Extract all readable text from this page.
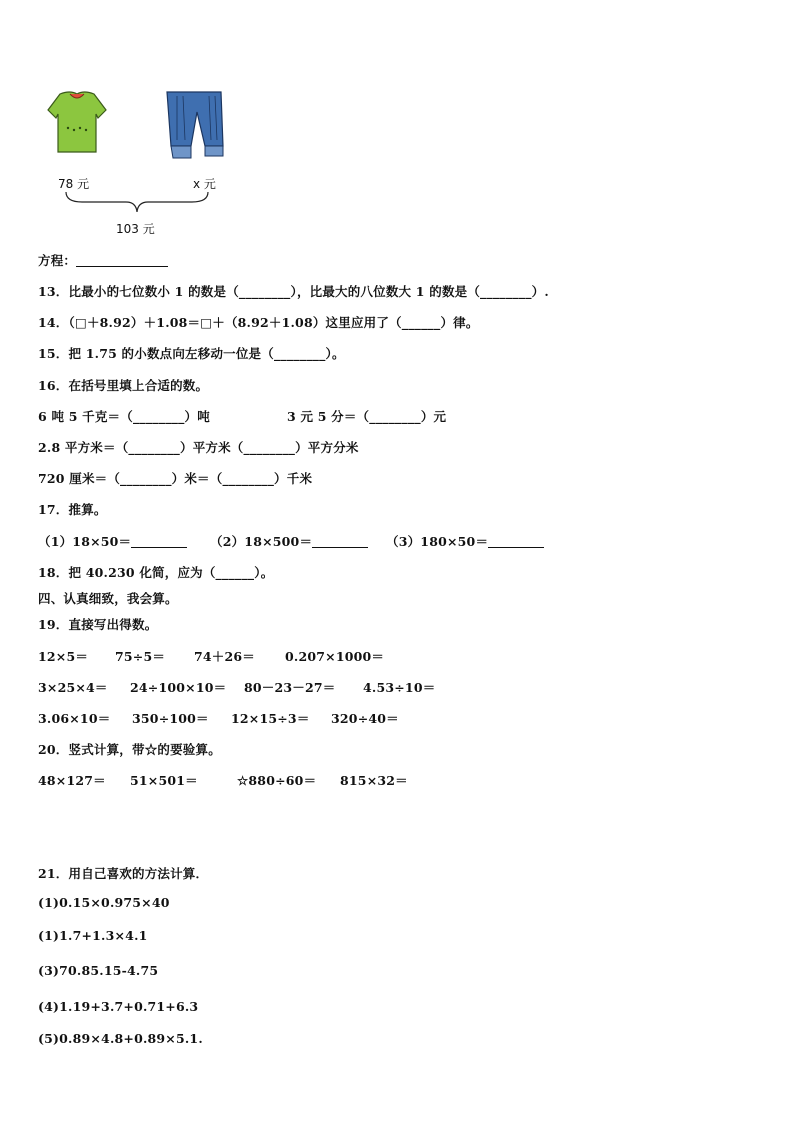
78 元	x 元
103 元
方程：
13．比最小的七位数小 1 的数是（________），比最大的八位数大 1 的数是（________）.
14．（□＋8.92）＋1.08＝□＋（8.92＋1.08）这里应用了（______）律。
15．把 1.75 的小数点向左移动一位是（________）。
16．在括号里填上合适的数。
6 吨 5 千克＝（________）吨	3 元 5 分＝（________）元
2.8 平方米＝（________）平方米（________）平方分米
720 厘米＝（________）米＝（________）千米
17．推算。
（1）18×50＝	（2）18×500＝	（3）180×50＝
18．把 40.230 化简，应为（______）。
四、认真细致，我会算。
19．直接写出得数。
12×5＝ 75÷5＝ 74＋26＝ 0.207×1000＝
3×25×4＝ 24÷100×10＝ 80－23－27＝ 4.53÷10＝
3.06×10＝ 350÷100＝ 12×15÷3＝ 320÷40＝
20．竖式计算，带☆的要验算。
48×127＝ 51×501＝	☆880÷60＝ 815×32＝
21．用自己喜欢的方法计算．
(1)0.15×0.975×40
(1)1.7+1.3×4.1
(3)70.85.15-4.75
(4)1.19+3.7+0.71+6.3
(5)0.89×4.8+0.89×5.1.
